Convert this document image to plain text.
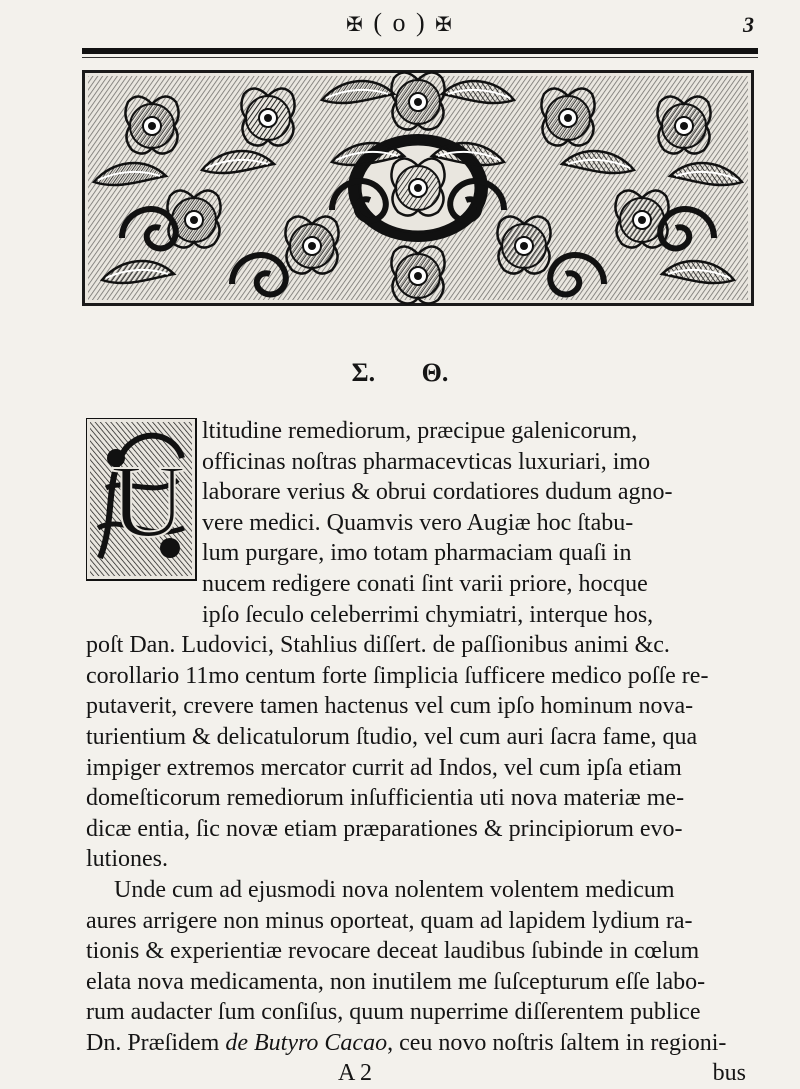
✠ ( o ) ✠	3
Σ. Θ.
U
ltitudine remediorum, præcipue galenicorum,
officinas noſtras pharmacevticas luxuriari, imo
laborare verius & obrui cordatiores dudum agno-
vere medici. Quamvis vero Augiæ hoc ſtabu-
lum purgare, imo totam pharmaciam quaſi in
nucem redigere conati ſint varii priore, hocque
ipſo ſeculo celeberrimi chymiatri, interque hos,
poſt Dan. Ludovici, Stahlius diſſert. de paſſionibus animi &c.
corollario 11mo centum forte ſimplicia ſufficere medico poſſe re-
putaverit, crevere tamen hactenus vel cum ipſo hominum nova-
turientium & delicatulorum ſtudio, vel cum auri ſacra fame, qua
impiger extremos mercator currit ad Indos, vel cum ipſa etiam
domeſticorum remediorum inſufficientia uti nova materiæ me-
dicæ entia, ſic novæ etiam præparationes & principiorum evo-
lutiones.
Unde cum ad ejusmodi nova nolentem volentem medicum
aures arrigere non minus oporteat, quam ad lapidem lydium ra-
tionis & experientiæ revocare deceat laudibus ſubinde in cœlum
elata nova medicamenta, non inutilem me ſuſcepturum eſſe labo-
rum audacter ſum conſiſus, quum nuperrime diſſerentem publice
Dn. Præſidem de Butyro Cacao, ceu novo noſtris ſaltem in regioni-
A 2	bus
